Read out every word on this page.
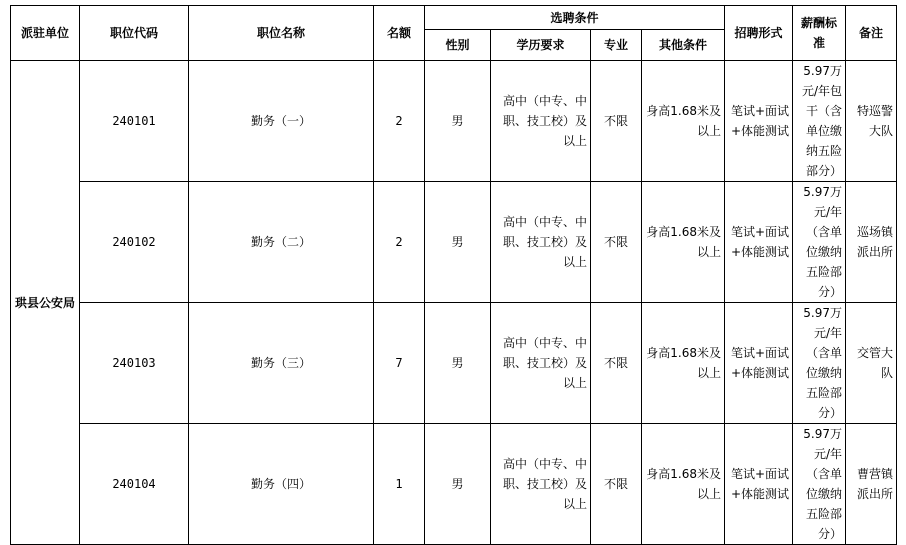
派驻单位	职位代码	职位名称	名额	选聘条件				招聘形式	薪酬标准	备注
				性别	学历要求	专业	其他条件			
珙县公安局	240101	勤务（一）	2	男	高中（中专、中职、技工校）及以上	不限	身高1.68米及以上	笔试+面试+体能测试	5.97万元/年包干（含单位缴纳五险部分）	特巡警大队
	240102	勤务（二）	2	男	高中（中专、中职、技工校）及以上	不限	身高1.68米及以上	笔试+面试+体能测试	5.97万元/年（含单位缴纳五险部分）	巡场镇派出所
	240103	勤务（三）	7	男	高中（中专、中职、技工校）及以上	不限	身高1.68米及以上	笔试+面试+体能测试	5.97万元/年（含单位缴纳五险部分）	交管大队
	240104	勤务（四）	1	男	高中（中专、中职、技工校）及以上	不限	身高1.68米及以上	笔试+面试+体能测试	5.97万元/年（含单位缴纳五险部分）	曹营镇派出所
